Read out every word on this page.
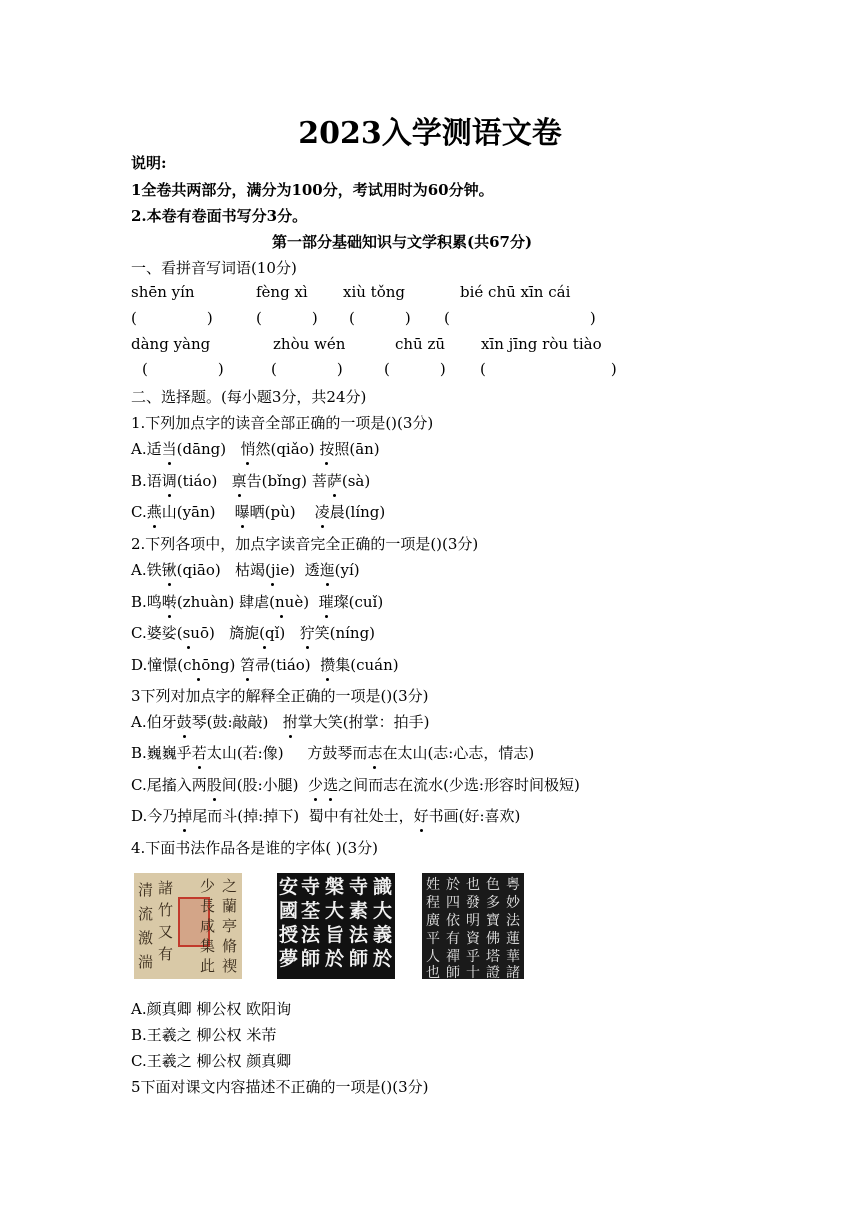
2023入学测语文卷
说明:
1全卷共两部分，满分为100分，考试用时为60分钟。
2.本卷有卷面书写分3分。
第一部分基础知识与文学积累(共67分)
一、看拼音写词语(10分)
shēn yín	fèng xì xiù tǒng	bié chū xīn cái
(	)	(	) (	) (	)
dàng yàng	zhòu wén	chū zū xīn jīng ròu tiào
(	)	(	)	(	) (	)
二、选择题。(每小题3分，共24分)
1.下列加点字的读音全部正确的一项是()(3分)
A.适当(dāng) 悄然(qiǎo) 按照(ān)
B.语调(tiáo) 禀告(bǐng) 菩萨(sà)
C.燕山(yān) 曝晒(pù) 凌晨(líng)
2.下列各项中，加点字读音完全正确的一项是()(3分)
A.铁锹(qiāo) 枯竭(jie) 透迤(yí)
B.鸣啭(zhuàn) 肆虐(nuè) 璀璨(cuǐ)
C.婆娑(suō) 旖旎(qǐ) 狞笑(níng)
D.憧憬(chōng) 笤帚(tiáo) 攒集(cuán)
3下列对加点字的解释全正确的一项是()(3分)
A.伯牙鼓琴(鼓:敲敲) 拊掌大笑(拊掌：拍手)
B.巍巍乎若太山(若:像) 方鼓琴而志在太山(志:心志，情志)
C.尾搐入两股间(股:小腿) 少选之间而志在流水(少选:形容时间极短)
D.今乃掉尾而斗(掉:掉下) 蜀中有社处士，好书画(好:喜欢)
4.下面书法作品各是谁的字体( )(3分)
之
蘭
亭
脩
禊
少
長
咸
集
此
諸
竹
又
有
清
流
激
湍
識
大
義
於
寺
素
法
師
槃
大
旨
於
寺
荃
法
師
安
國
授
夢
粤
妙
法
蓮
華
諸
色
多
寶
佛
塔
證
也
發
明
資
乎
十
於
四
依
有
禪
師
姓
程
廣
平
人
也
A.颜真卿 柳公权 欧阳询
B.王羲之 柳公权 米芾
C.王羲之 柳公权 颜真卿
5下面对课文内容描述不正确的一项是()(3分)
